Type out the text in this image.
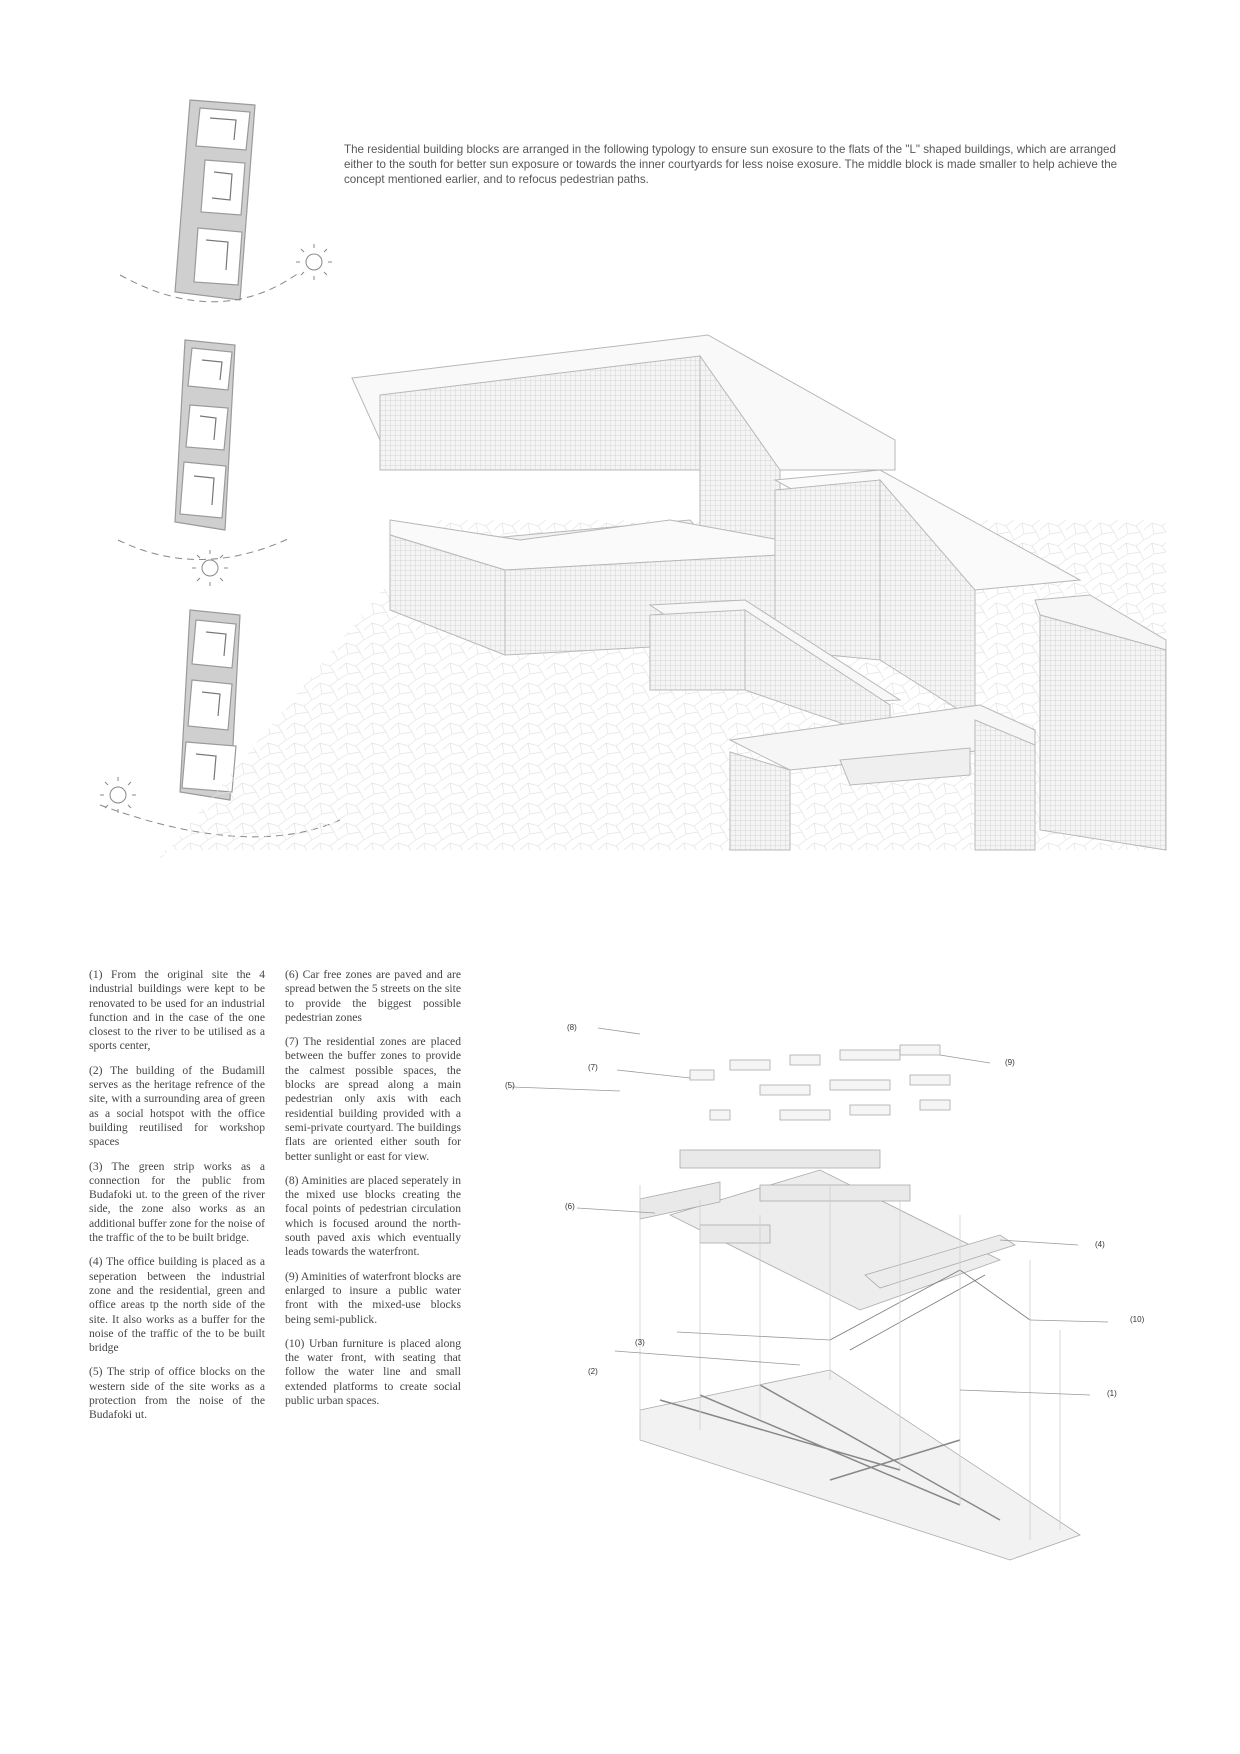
The residential building blocks are arranged in the following typology to ensure sun exosure to the flats of the "L" shaped buildings, which are arranged either to the south for better sun exposure or towards the inner courtyards for less noise exosure. The middle block is made smaller to help achieve the concept mentioned earlier, and to refocus pedestrian paths.

(1) From the original site the 4 industrial buildings were kept to be renovated to be used for an industrial function and in the case of the one closest to the river to be utilised as a sports center,

(2) The building of the Budamill serves as the heritage refrence of the site, with a surrounding area of green as a social hotspot with the office building reutilised for workshop spaces

(3) The green strip works as a connection for the public from Budafoki ut. to the green of the river side, the zone also works as an additional buffer zone for the noise of the traffic of the to be built bridge.

(4) The office building is placed as a seperation between the industrial zone and the residential, green and office areas tp the north side of the site. It also works as a buffer for the noise of the traffic of the to be built bridge

(5) The strip of office blocks on the western side of the site works as a protection from the noise of the Budafoki ut.

(6) Car free zones are paved and are spread betwen the 5 streets on the site to provide the biggest possible pedestrian zones

(7) The residential zones are placed between the buffer zones to provide the calmest possible spaces, the blocks are spread along a main pedestrian only axis with each residential building provided with a semi-private courtyard. The buildings flats are oriented either south for better sunlight or east for view.

(8) Aminities are placed seperately in the mixed use blocks creating the focal points of pedestrian circulation which is focused around the north-south paved axis which eventually leads towards the waterfront.

(9) Aminities of waterfront blocks are enlarged to insure a public water front with the mixed-use blocks being semi-publick.

(10) Urban furniture is placed along the water front, with seating that follow the water line and small extended platforms to create social public urban spaces.

(8)
(9)
(7)
(5)
(4)
(6)
(10)
(3)
(2)
(1)
